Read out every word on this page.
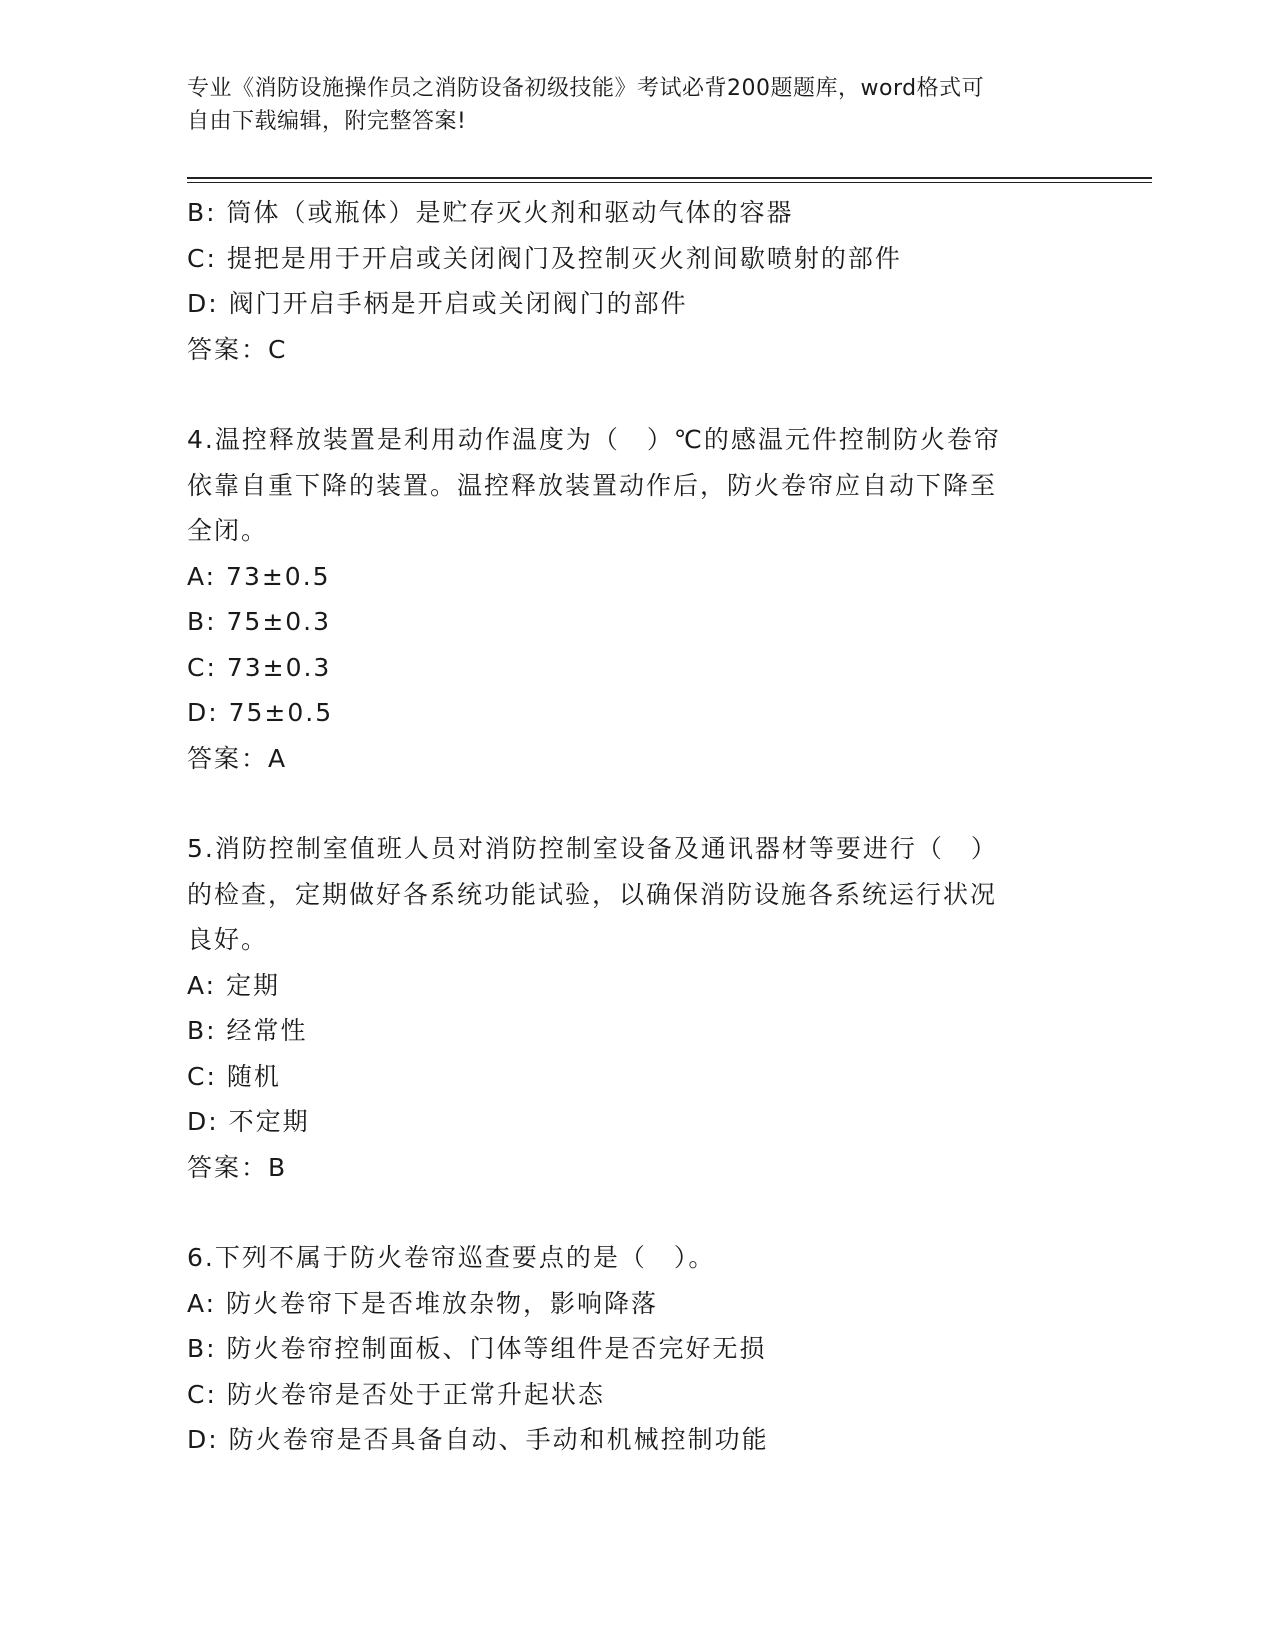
专业《消防设施操作员之消防设备初级技能》考试必背200题题库，word格式可
自由下载编辑，附完整答案!
B: 筒体（或瓶体）是贮存灭火剂和驱动气体的容器
C: 提把是用于开启或关闭阀门及控制灭火剂间歇喷射的部件
D: 阀门开启手柄是开启或关闭阀门的部件
答案：C
4.温控释放装置是利用动作温度为（　）℃的感温元件控制防火卷帘
依靠自重下降的装置。温控释放装置动作后，防火卷帘应自动下降至
全闭。
A: 73±0.5
B: 75±0.3
C: 73±0.3
D: 75±0.5
答案：A
5.消防控制室值班人员对消防控制室设备及通讯器材等要进行（　）
的检查，定期做好各系统功能试验，以确保消防设施各系统运行状况
良好。
A: 定期
B: 经常性
C: 随机
D: 不定期
答案：B
6.下列不属于防火卷帘巡查要点的是（　）。
A: 防火卷帘下是否堆放杂物，影响降落
B: 防火卷帘控制面板、门体等组件是否完好无损
C: 防火卷帘是否处于正常升起状态
D: 防火卷帘是否具备自动、手动和机械控制功能
